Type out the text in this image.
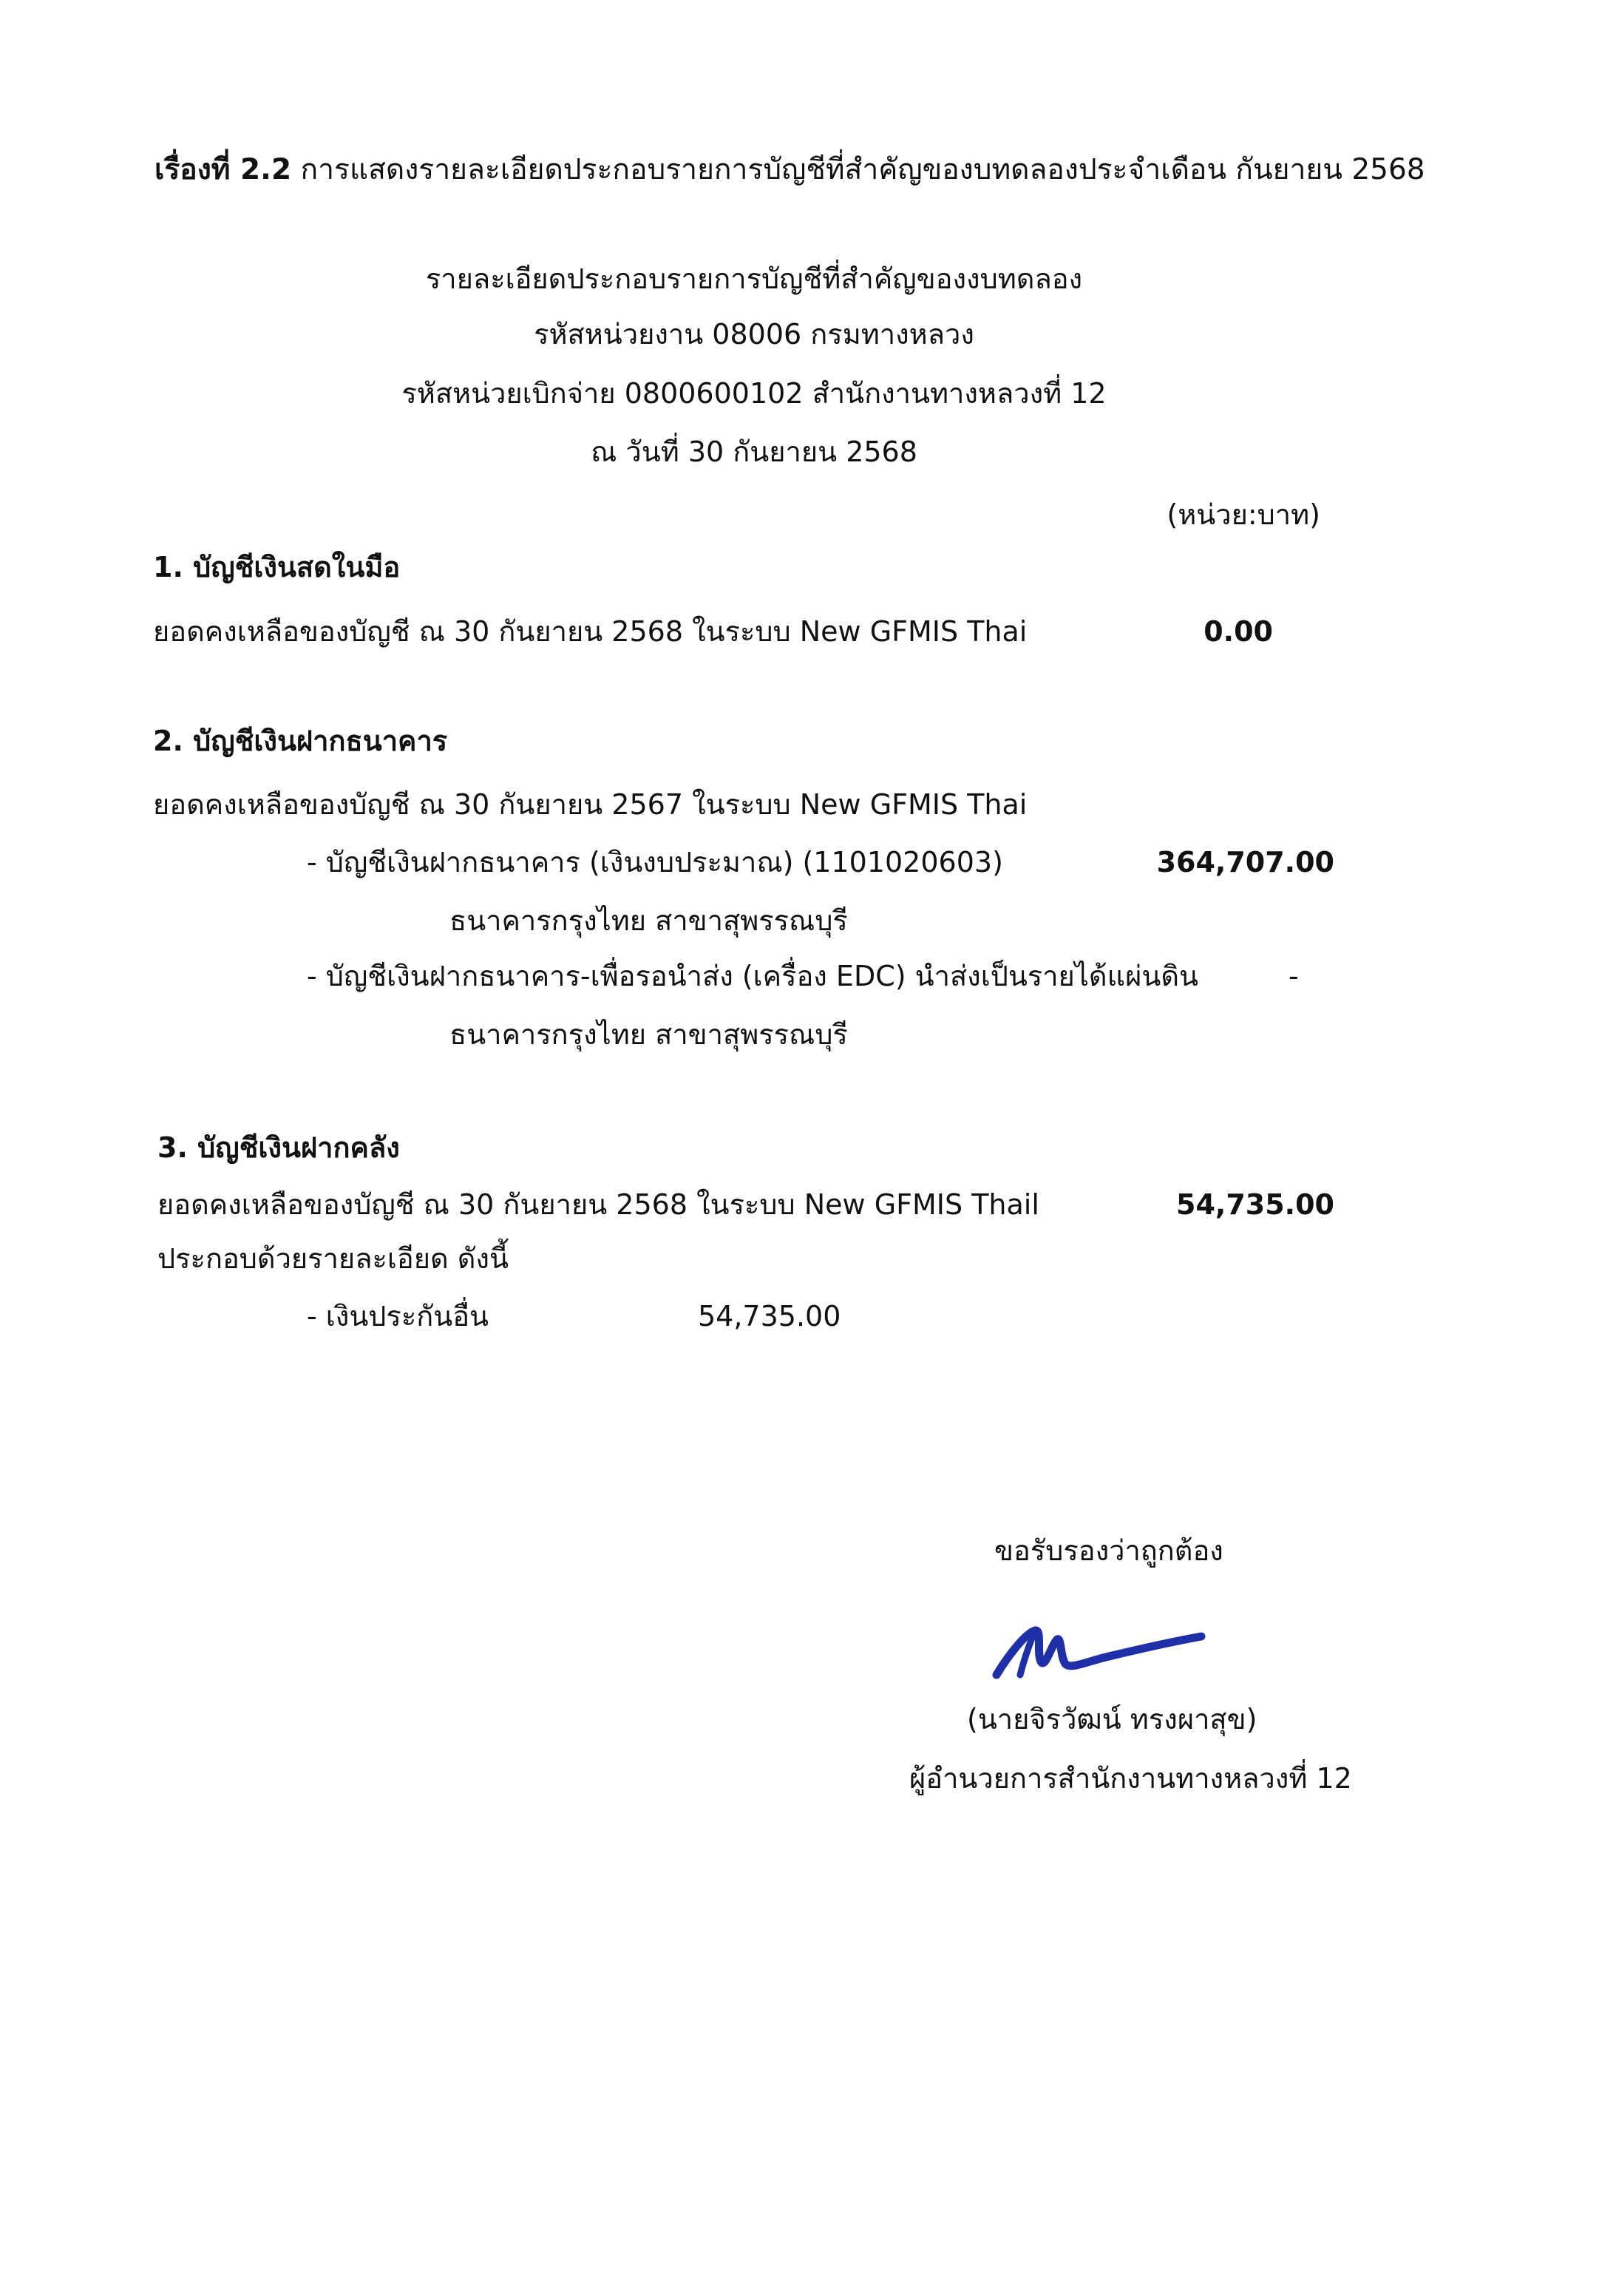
เรื่องที่ 2.2 การแสดงรายละเอียดประกอบรายการบัญชีที่สำคัญของบทดลองประจำเดือน กันยายน 2568
รายละเอียดประกอบรายการบัญชีที่สำคัญของงบทดลอง
รหัสหน่วยงาน 08006 กรมทางหลวง
รหัสหน่วยเบิกจ่าย 0800600102 สำนักงานทางหลวงที่ 12
ณ วันที่ 30 กันยายน 2568
(หน่วย:บาท)
1. บัญชีเงินสดในมือ
ยอดคงเหลือของบัญชี ณ 30 กันยายน 2568 ในระบบ New GFMIS Thai	0.00
2. บัญชีเงินฝากธนาคาร
ยอดคงเหลือของบัญชี ณ 30 กันยายน 2567 ในระบบ New GFMIS Thai
- บัญชีเงินฝากธนาคาร (เงินงบประมาณ) (1101020603)	364,707.00
ธนาคารกรุงไทย สาขาสุพรรณบุรี
- บัญชีเงินฝากธนาคาร-เพื่อรอนำส่ง (เครื่อง EDC) นำส่งเป็นรายได้แผ่นดิน	-
ธนาคารกรุงไทย สาขาสุพรรณบุรี
3. บัญชีเงินฝากคลัง
ยอดคงเหลือของบัญชี ณ 30 กันยายน 2568 ในระบบ New GFMIS Thail	54,735.00
ประกอบด้วยรายละเอียด ดังนี้
- เงินประกันอื่น	54,735.00
ขอรับรองว่าถูกต้อง
(นายจิรวัฒน์ ทรงผาสุข)
ผู้อำนวยการสำนักงานทางหลวงที่ 12
